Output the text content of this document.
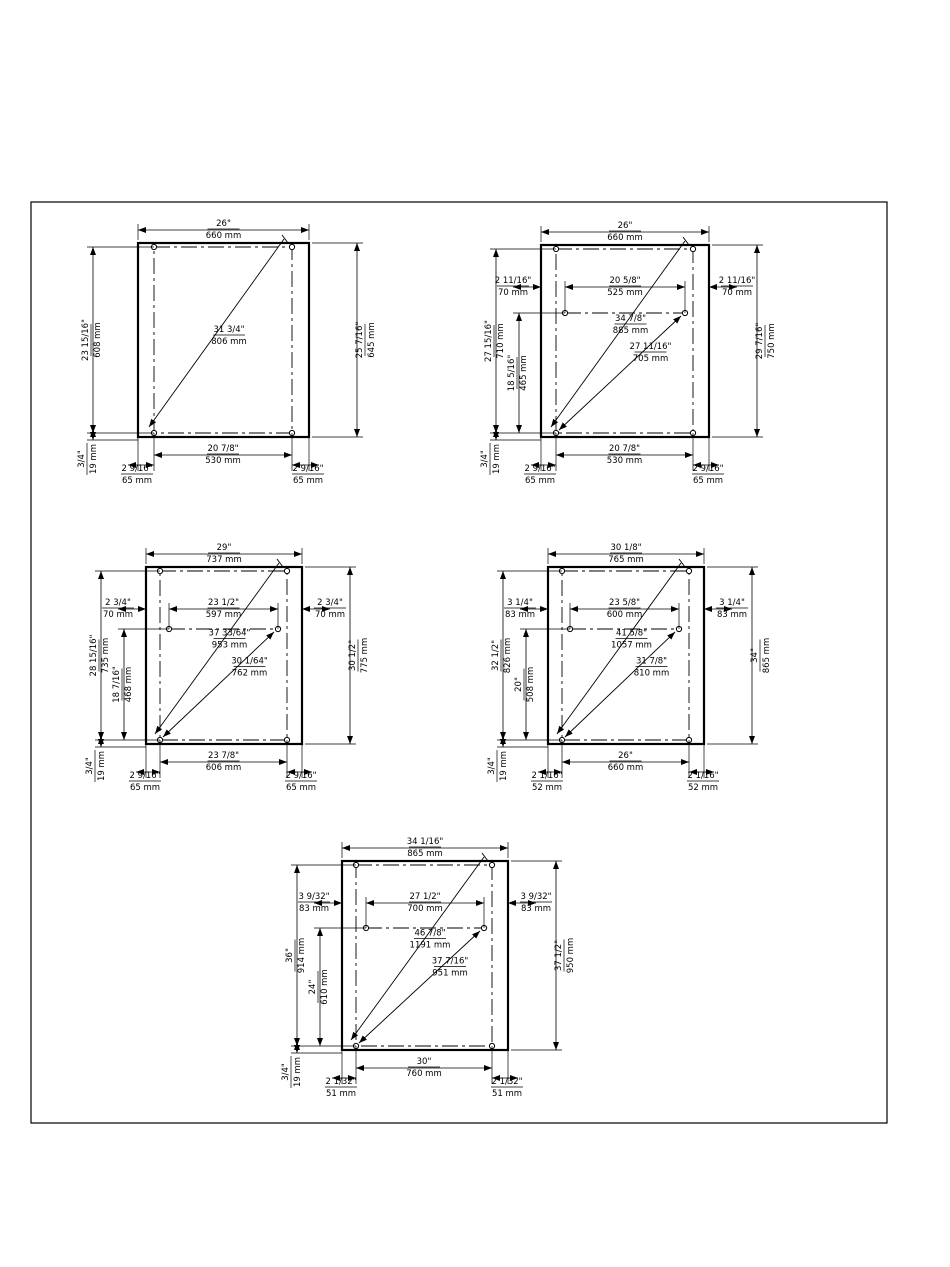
26"
660 mm
25 7/16" 645 mm
23 15/16" 608 mm
3/4" 19 mm	20 7/8"
530 mm
2 9/16"
65 mm
2 9/16"
65 mm
31 3/4"
806 mm
26"
660 mm
29 7/16" 750 mm
27 15/16" 710 mm
18 5/16" 465 mm
3/4" 19 mm	20 7/8"
530 mm
2 9/16"
65 mm
2 9/16"
65 mm
20 5/8"
525 mm
2 11/16"
70 mm
2 11/16"
70 mm
34 7/8"
885 mm
27 11/16"
705 mm
29"
737 mm
30 1/2" 775 mm
28 15/16" 735 mm
18 7/16" 468 mm
3/4" 19 mm	23 7/8"
606 mm
2 9/16"
65 mm
2 9/16"
65 mm
23 1/2"
597 mm
2 3/4"
70 mm
2 3/4"
70 mm
37 33/64"
953 mm
30 1/64"
762 mm
30 1/8"
765 mm
34" 865 mm
32 1/2" 826 mm
20" 508 mm
3/4" 19 mm	26"
660 mm
2 1/16"
52 mm
2 1/16"
52 mm
23 5/8"
600 mm
3 1/4"
83 mm
3 1/4"
83 mm
41 5/8"
1057 mm
31 7/8"
810 mm
34 1/16"
865 mm
37 1/2" 950 mm
36" 914 mm
24" 610 mm
3/4" 19 mm	30"
760 mm
2 1/32"
51 mm
2 1/32"
51 mm
27 1/2"
700 mm
3 9/32"
83 mm
3 9/32"
83 mm
46 7/8"
1191 mm
37 7/16"
951 mm
